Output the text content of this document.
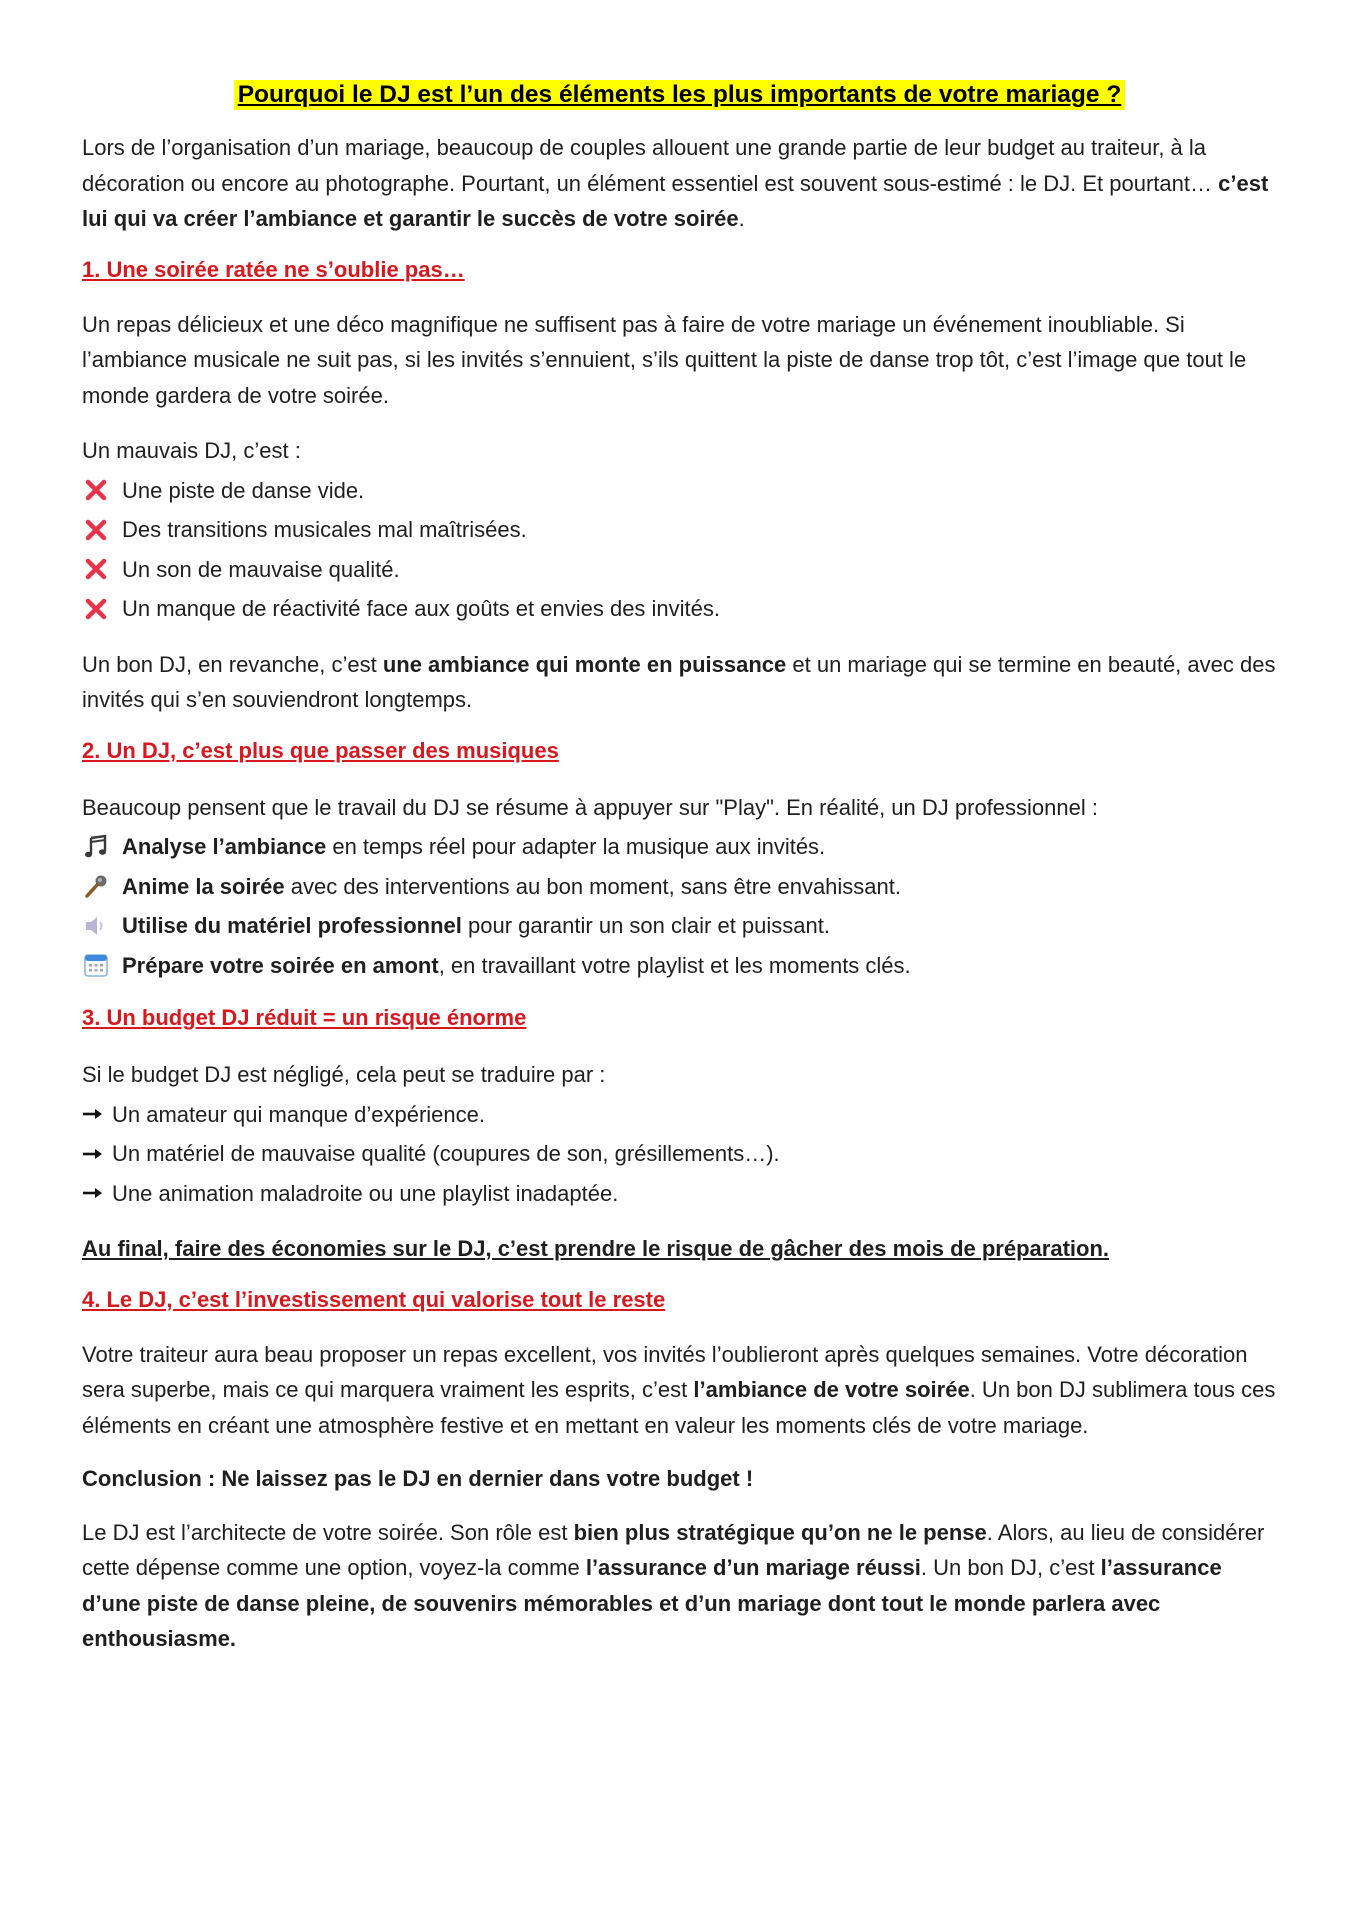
Pourquoi le DJ est l’un des éléments les plus importants de votre mariage ?

Lors de l’organisation d’un mariage, beaucoup de couples allouent une grande partie de leur budget au traiteur, à la décoration ou encore au photographe. Pourtant, un élément essentiel est souvent sous-estimé : le DJ. Et pourtant… c’est lui qui va créer l’ambiance et garantir le succès de votre soirée.

1. Une soirée ratée ne s’oublie pas…

Un repas délicieux et une déco magnifique ne suffisent pas à faire de votre mariage un événement inoubliable. Si l’ambiance musicale ne suit pas, si les invités s’ennuient, s’ils quittent la piste de danse trop tôt, c’est l’image que tout le monde gardera de votre soirée.

Un mauvais DJ, c’est :
Une piste de danse vide.
Des transitions musicales mal maîtrisées.
Un son de mauvaise qualité.
Un manque de réactivité face aux goûts et envies des invités.

Un bon DJ, en revanche, c’est une ambiance qui monte en puissance et un mariage qui se termine en beauté, avec des invités qui s’en souviendront longtemps.

2. Un DJ, c’est plus que passer des musiques
Beaucoup pensent que le travail du DJ se résume à appuyer sur "Play". En réalité, un DJ professionnel :
Analyse l’ambiance en temps réel pour adapter la musique aux invités.
Anime la soirée avec des interventions au bon moment, sans être envahissant.
Utilise du matériel professionnel pour garantir un son clair et puissant.
Prépare votre soirée en amont, en travaillant votre playlist et les moments clés.
3. Un budget DJ réduit = un risque énorme
Si le budget DJ est négligé, cela peut se traduire par :
Un amateur qui manque d’expérience.
Un matériel de mauvaise qualité (coupures de son, grésillements…).
Une animation maladroite ou une playlist inadaptée.

Au final, faire des économies sur le DJ, c’est prendre le risque de gâcher des mois de préparation.

4. Le DJ, c’est l’investissement qui valorise tout le reste

Votre traiteur aura beau proposer un repas excellent, vos invités l’oublieront après quelques semaines. Votre décoration sera superbe, mais ce qui marquera vraiment les esprits, c’est l’ambiance de votre soirée. Un bon DJ sublimera tous ces éléments en créant une atmosphère festive et en mettant en valeur les moments clés de votre mariage.

Conclusion : Ne laissez pas le DJ en dernier dans votre budget !

Le DJ est l’architecte de votre soirée. Son rôle est bien plus stratégique qu’on ne le pense. Alors, au lieu de considérer cette dépense comme une option, voyez-la comme l’assurance d’un mariage réussi. Un bon DJ, c’est l’assurance d’une piste de danse pleine, de souvenirs mémorables et d’un mariage dont tout le monde parlera avec enthousiasme.
